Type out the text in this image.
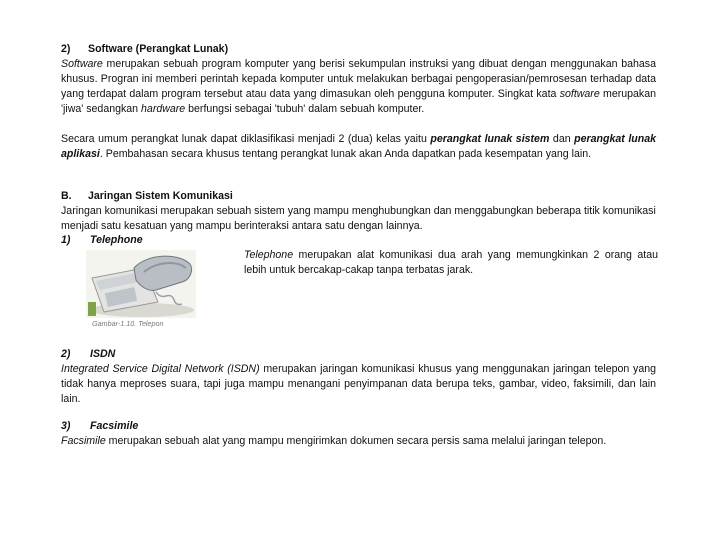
2) Software (Perangkat Lunak)

Software merupakan sebuah program komputer yang berisi sekumpulan instruksi yang dibuat dengan menggunakan bahasa khusus. Progran ini memberi perintah kepada komputer untuk melakukan berbagai pengoperasian/pemrosesan terhadap data yang terdapat dalam program tersebut atau data yang dimasukan oleh pengguna komputer. Singkat kata software merupakan 'jiwa' sedangkan hardware berfungsi sebagai 'tubuh' dalam sebuah komputer.

Secara umum perangkat lunak dapat diklasifikasi menjadi 2 (dua) kelas yaitu perangkat lunak sistem dan perangkat lunak aplikasi. Pembahasan secara khusus tentang perangkat lunak akan Anda dapatkan pada kesempatan yang lain.

B. Jaringan Sistem Komunikasi

Jaringan komunikasi merupakan sebuah sistem yang mampu menghubungkan dan menggabungkan beberapa titik komunikasi menjadi satu kesatuan yang mampu berinteraksi antara satu dengan lainnya.

1) Telephone
Gambar-1.10. Telepon

Telephone merupakan alat komunikasi dua arah yang memungkinkan 2 orang atau lebih untuk bercakap-cakap tanpa terbatas jarak.

2) ISDN

Integrated Service Digital Network (ISDN) merupakan jaringan komunikasi khusus yang menggunakan jaringan telepon yang tidak hanya meproses suara, tapi juga mampu menangani penyimpanan data berupa teks, gambar, video, faksimili, dan lain lain.

3) Facsimile

Facsimile merupakan sebuah alat yang mampu mengirimkan dokumen secara persis sama melalui jaringan telepon.
